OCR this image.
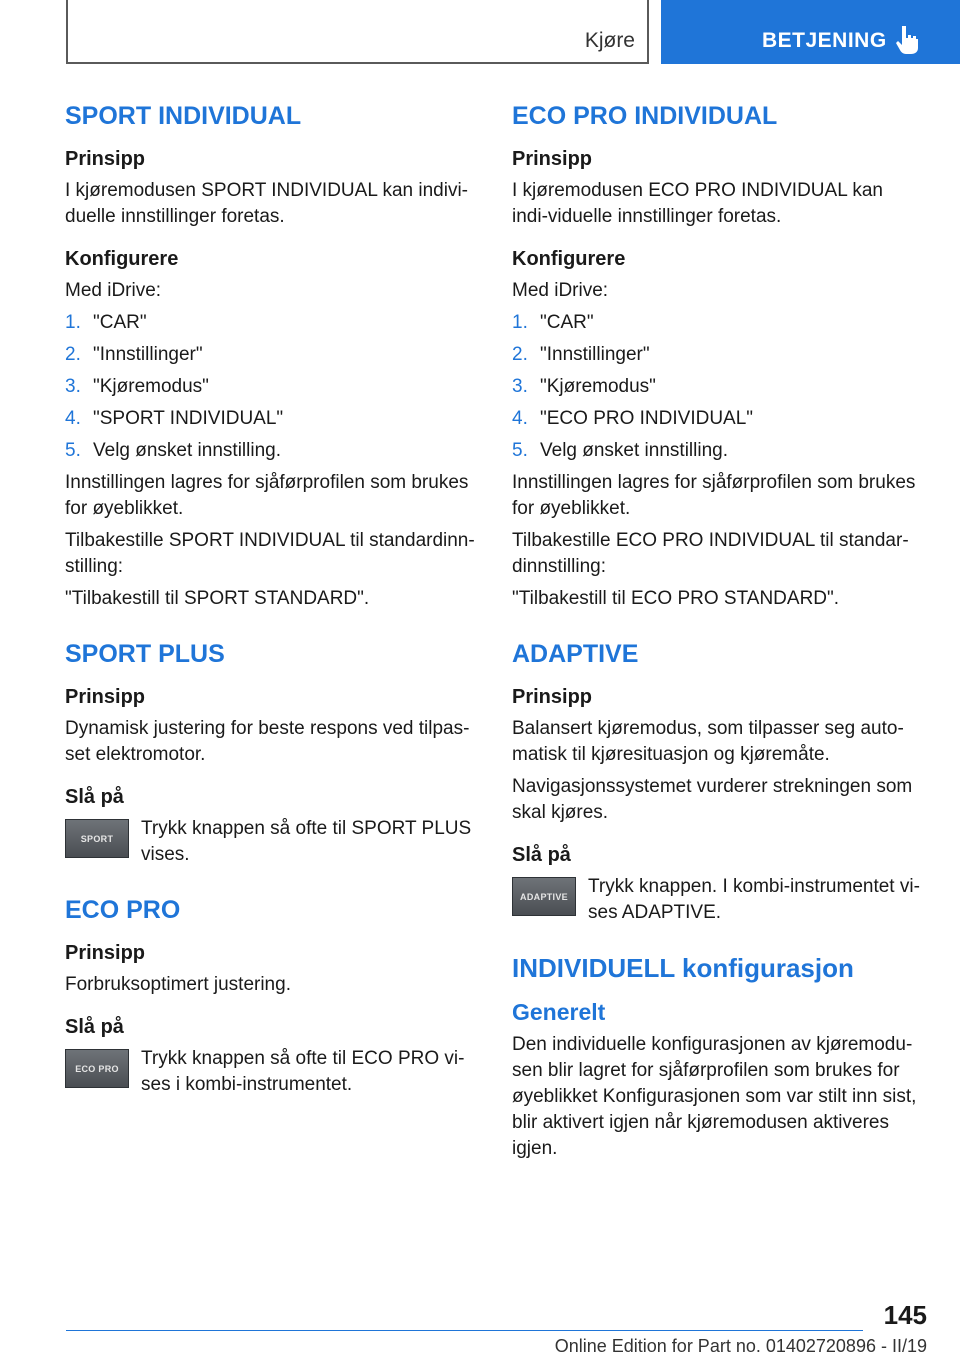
Kjøre	BETJENING
SPORT INDIVIDUAL
Prinsipp

I kjøremodusen SPORT INDIVIDUAL kan indivi-duelle innstillinger foretas.

Konfigurere

Med iDrive:

1. "CAR"
2. "Innstillinger"
3. "Kjøremodus"
4. "SPORT INDIVIDUAL"
5. Velg ønsket innstilling.

Innstillingen lagres for sjåførprofilen som brukes for øyeblikket.

Tilbakestille SPORT INDIVIDUAL til standardinn-stilling:

"Tilbakestill til SPORT STANDARD".

SPORT PLUS
Prinsipp

Dynamisk justering for beste respons ved tilpas-set elektromotor.

Slå på
SPORT	Trykk knappen så ofte til SPORT PLUS vises.
ECO PRO
Prinsipp

Forbruksoptimert justering.

Slå på
ECO PRO	Trykk knappen så ofte til ECO PRO vi-ses i kombi-instrumentet.
ECO PRO INDIVIDUAL
Prinsipp

I kjøremodusen ECO PRO INDIVIDUAL kan indi-viduelle innstillinger foretas.

Konfigurere

Med iDrive:

1. "CAR"
2. "Innstillinger"
3. "Kjøremodus"
4. "ECO PRO INDIVIDUAL"
5. Velg ønsket innstilling.

Innstillingen lagres for sjåførprofilen som brukes for øyeblikket.

Tilbakestille ECO PRO INDIVIDUAL til standar-dinnstilling:

"Tilbakestill til ECO PRO STANDARD".

ADAPTIVE
Prinsipp

Balansert kjøremodus, som tilpasser seg auto-matisk til kjøresituasjon og kjøremåte.

Navigasjonssystemet vurderer strekningen som skal kjøres.

Slå på
ADAPTIVE	Trykk knappen. I kombi-instrumentet vi-ses ADAPTIVE.
INDIVIDUELL konfigurasjon
Generelt

Den individuelle konfigurasjonen av kjøremodu-sen blir lagret for sjåførprofilen som brukes for øyeblikket Konfigurasjonen som var stilt inn sist, blir aktivert igjen når kjøremodusen aktiveres igjen.

145
Online Edition for Part no. 01402720896 - II/19
